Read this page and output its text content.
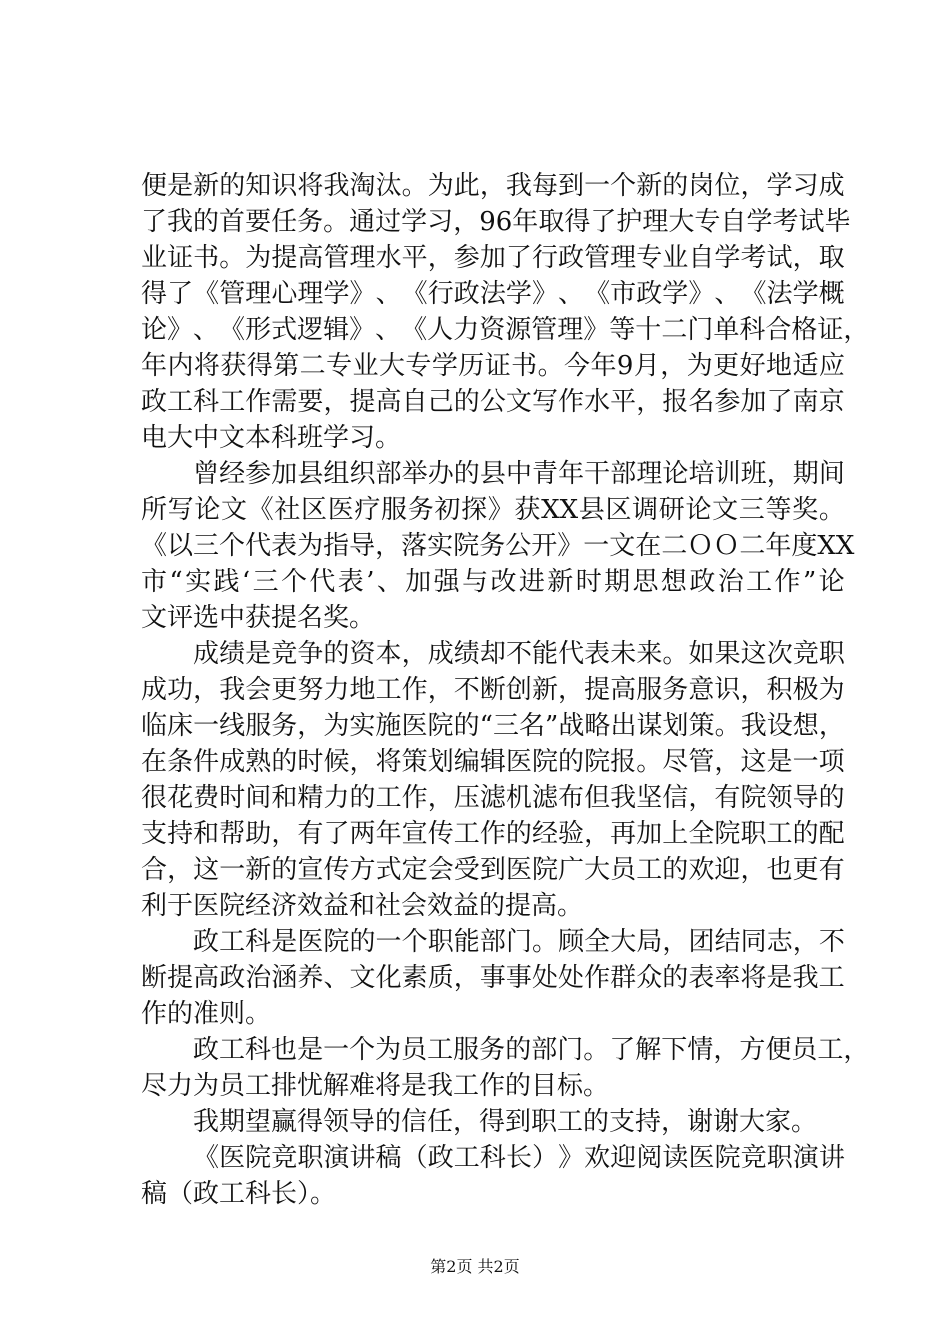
便 是 新 的 知 识 将 我 淘 汰 。 为 此 ， 我 每 到 一 个 新 的 岗 位 ， 学 习 成
了 我 的 首 要 任 务 。 通 过 学 习 ， 96 年 取 得 了 护 理 大 专 自 学 考 试 毕
业 证 书 。 为 提 高 管 理 水 平 ， 参 加 了 行 政 管 理 专 业 自 学 考 试 ， 取
得 了 《 管 理 心 理 学 》 、 《 行 政 法 学 》 、 《 市 政 学 》 、 《 法 学 概
论 》 、 《 形 式 逻 辑 》 、 《 人 力 资 源 管 理 》 等 十 二 门 单 科 合 格 证 ，
年 内 将 获 得 第 二 专 业 大 专 学 历 证 书 。 今 年 9 月 ， 为 更 好 地 适 应
政 工 科 工 作 需 要 ， 提 高 自 己 的 公 文 写 作 水 平 ， 报 名 参 加 了 南 京
电大中文本科班学习。
曾 经 参 加 县 组 织 部 举 办 的 县 中 青 年 干 部 理 论 培 训 班 ， 期 间
所 写 论 文 《 社 区 医 疗 服 务 初 探 》 获 XX 县 区 调 研 论 文 三 等 奖 。
《 以 三 个 代 表 为 指 导 ， 落 实 院 务 公 开 》 一 文 在 二 Ｏ Ｏ 二 年 度 XX
市 “ 实 践 ‘ 三 个 代 表 ’ 、 加 强 与 改 进 新 时 期 思 想 政 治 工 作 ” 论
文评选中获提名奖。
成 绩 是 竞 争 的 资 本 ， 成 绩 却 不 能 代 表 未 来 。 如 果 这 次 竞 职
成 功 ， 我 会 更 努 力 地 工 作 ， 不 断 创 新 ， 提 高 服 务 意 识 ， 积 极 为
临 床 一 线 服 务 ， 为 实 施 医 院 的 “ 三 名 ” 战 略 出 谋 划 策 。 我 设 想 ，
在 条 件 成 熟 的 时 候 ， 将 策 划 编 辑 医 院 的 院 报 。 尽 管 ， 这 是 一 项
很 花 费 时 间 和 精 力 的 工 作 ， 压 滤 机 滤 布 但 我 坚 信 ， 有 院 领 导 的
支 持 和 帮 助 ， 有 了 两 年 宣 传 工 作 的 经 验 ， 再 加 上 全 院 职 工 的 配
合 ， 这 一 新 的 宣 传 方 式 定 会 受 到 医 院 广 大 员 工 的 欢 迎 ， 也 更 有
利于医院经济效益和社会效益的提高。
政 工 科 是 医 院 的 一 个 职 能 部 门 。 顾 全 大 局 ， 团 结 同 志 ， 不
断 提 高 政 治 涵 养 、 文 化 素 质 ， 事 事 处 处 作 群 众 的 表 率 将 是 我 工
作的准则。
政 工 科 也 是 一 个 为 员 工 服 务 的 部 门 。 了 解 下 情 ， 方 便 员 工 ，
尽力为员工排忧解难将是我工作的目标。
我期望赢得领导的信任，得到职工的支持，谢谢大家。
《 医 院 竞 职 演 讲 稿 （ 政 工 科 长 ） 》 欢 迎 阅 读 医 院 竞 职 演 讲
稿（政工科长）。
第2页 共2页
